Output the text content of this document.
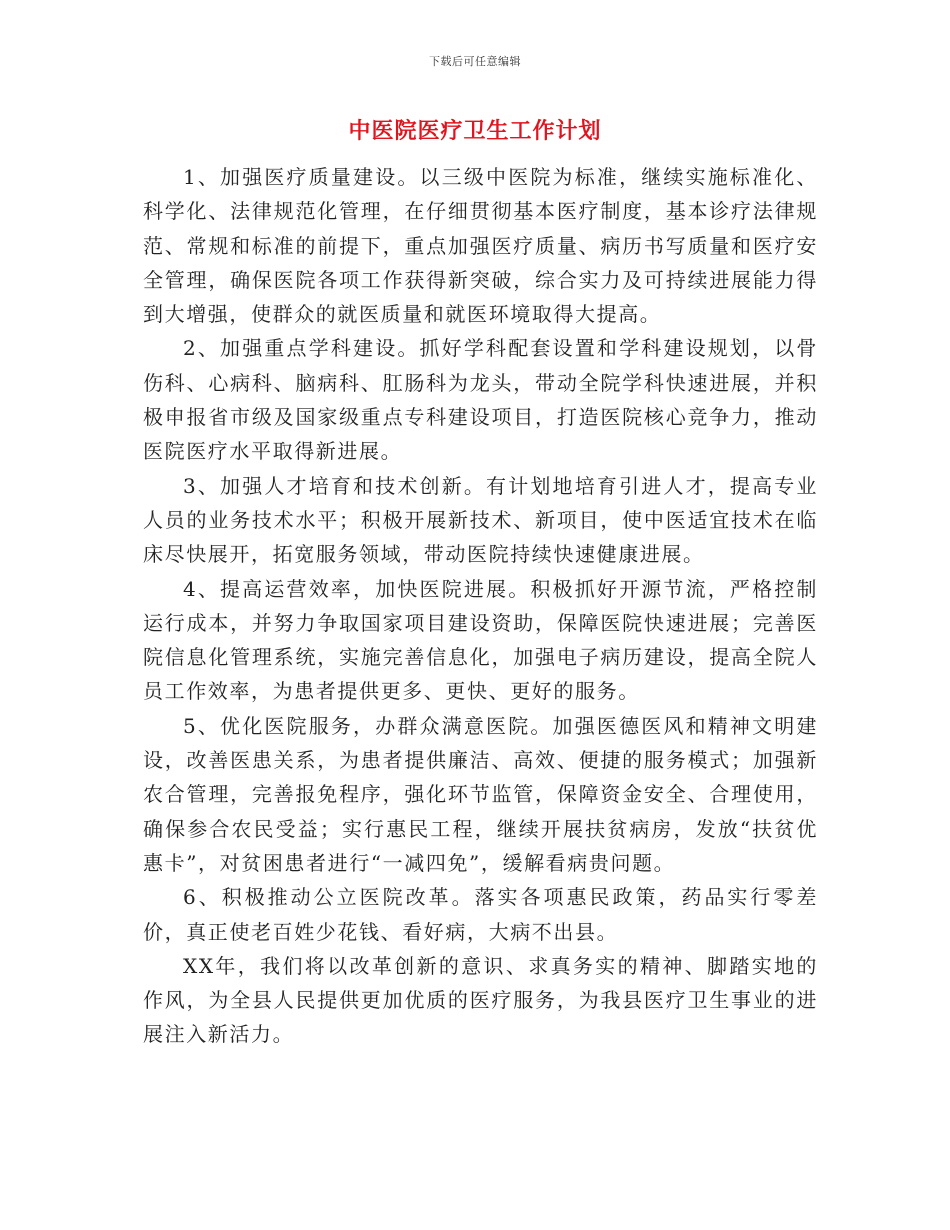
下载后可任意编辑
中医院医疗卫生工作计划

1、加强医疗质量建设。以三级中医院为标准，继续实施标准化、科学化、法律规范化管理，在仔细贯彻基本医疗制度，基本诊疗法律规范、常规和标准的前提下，重点加强医疗质量、病历书写质量和医疗安全管理，确保医院各项工作获得新突破，综合实力及可持续进展能力得到大增强，使群众的就医质量和就医环境取得大提高。

2、加强重点学科建设。抓好学科配套设置和学科建设规划，以骨伤科、心病科、脑病科、肛肠科为龙头，带动全院学科快速进展，并积极申报省市级及国家级重点专科建设项目，打造医院核心竞争力，推动医院医疗水平取得新进展。

3、加强人才培育和技术创新。有计划地培育引进人才，提高专业人员的业务技术水平；积极开展新技术、新项目，使中医适宜技术在临床尽快展开，拓宽服务领域，带动医院持续快速健康进展。

4、提高运营效率，加快医院进展。积极抓好开源节流，严格控制运行成本，并努力争取国家项目建设资助，保障医院快速进展；完善医院信息化管理系统，实施完善信息化，加强电子病历建设，提高全院人员工作效率，为患者提供更多、更快、更好的服务。

5、优化医院服务，办群众满意医院。加强医德医风和精神文明建设，改善医患关系，为患者提供廉洁、高效、便捷的服务模式；加强新农合管理，完善报免程序，强化环节监管，保障资金安全、合理使用，确保参合农民受益；实行惠民工程，继续开展扶贫病房，发放“扶贫优惠卡”，对贫困患者进行“一减四免”，缓解看病贵问题。

6、积极推动公立医院改革。落实各项惠民政策，药品实行零差价，真正使老百姓少花钱、看好病，大病不出县。

XX年，我们将以改革创新的意识、求真务实的精神、脚踏实地的作风，为全县人民提供更加优质的医疗服务，为我县医疗卫生事业的进展注入新活力。
